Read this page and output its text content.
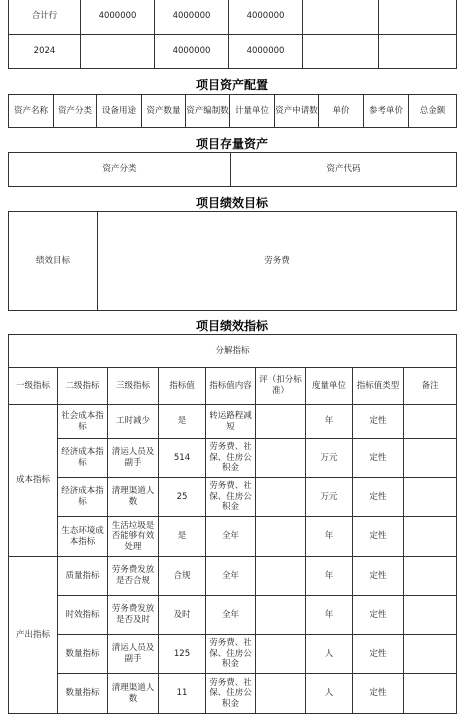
合计行	4000000	4000000	4000000		
2024		4000000	4000000		
项目资产配置
资产名称	资产分类	设备用途	资产数量	资产编制数	计量单位	资产申请数	单价	参考单价	总金额
项目存量资产
资产分类	资产代码
项目绩效目标
绩效目标	劳务费
项目绩效指标
分解指标								
一级指标	二级指标	三级指标	指标值	指标值内容	评（扣分标准）	度量单位	指标值类型	备注
成本指标	社会成本指标	工时减少	是	转运路程减短		年	定性	
	经济成本指标	清运人员及副手	514	劳务费、社保、住房公积金		万元	定性	
	经济成本指标	清理渠道人数	25	劳务费、社保、住房公积金		万元	定性	
	生态环境成本指标	生活垃圾是否能够有效处理	是	全年		年	定性	
产出指标	质量指标	劳务费发放是否合规	合规	全年		年	定性	
	时效指标	劳务费发放是否及时	及时	全年		年	定性	
	数量指标	清运人员及副手	125	劳务费、社保、住房公积金		人	定性	
	数量指标	清理渠道人数	11	劳务费、社保、住房公积金		人	定性	
